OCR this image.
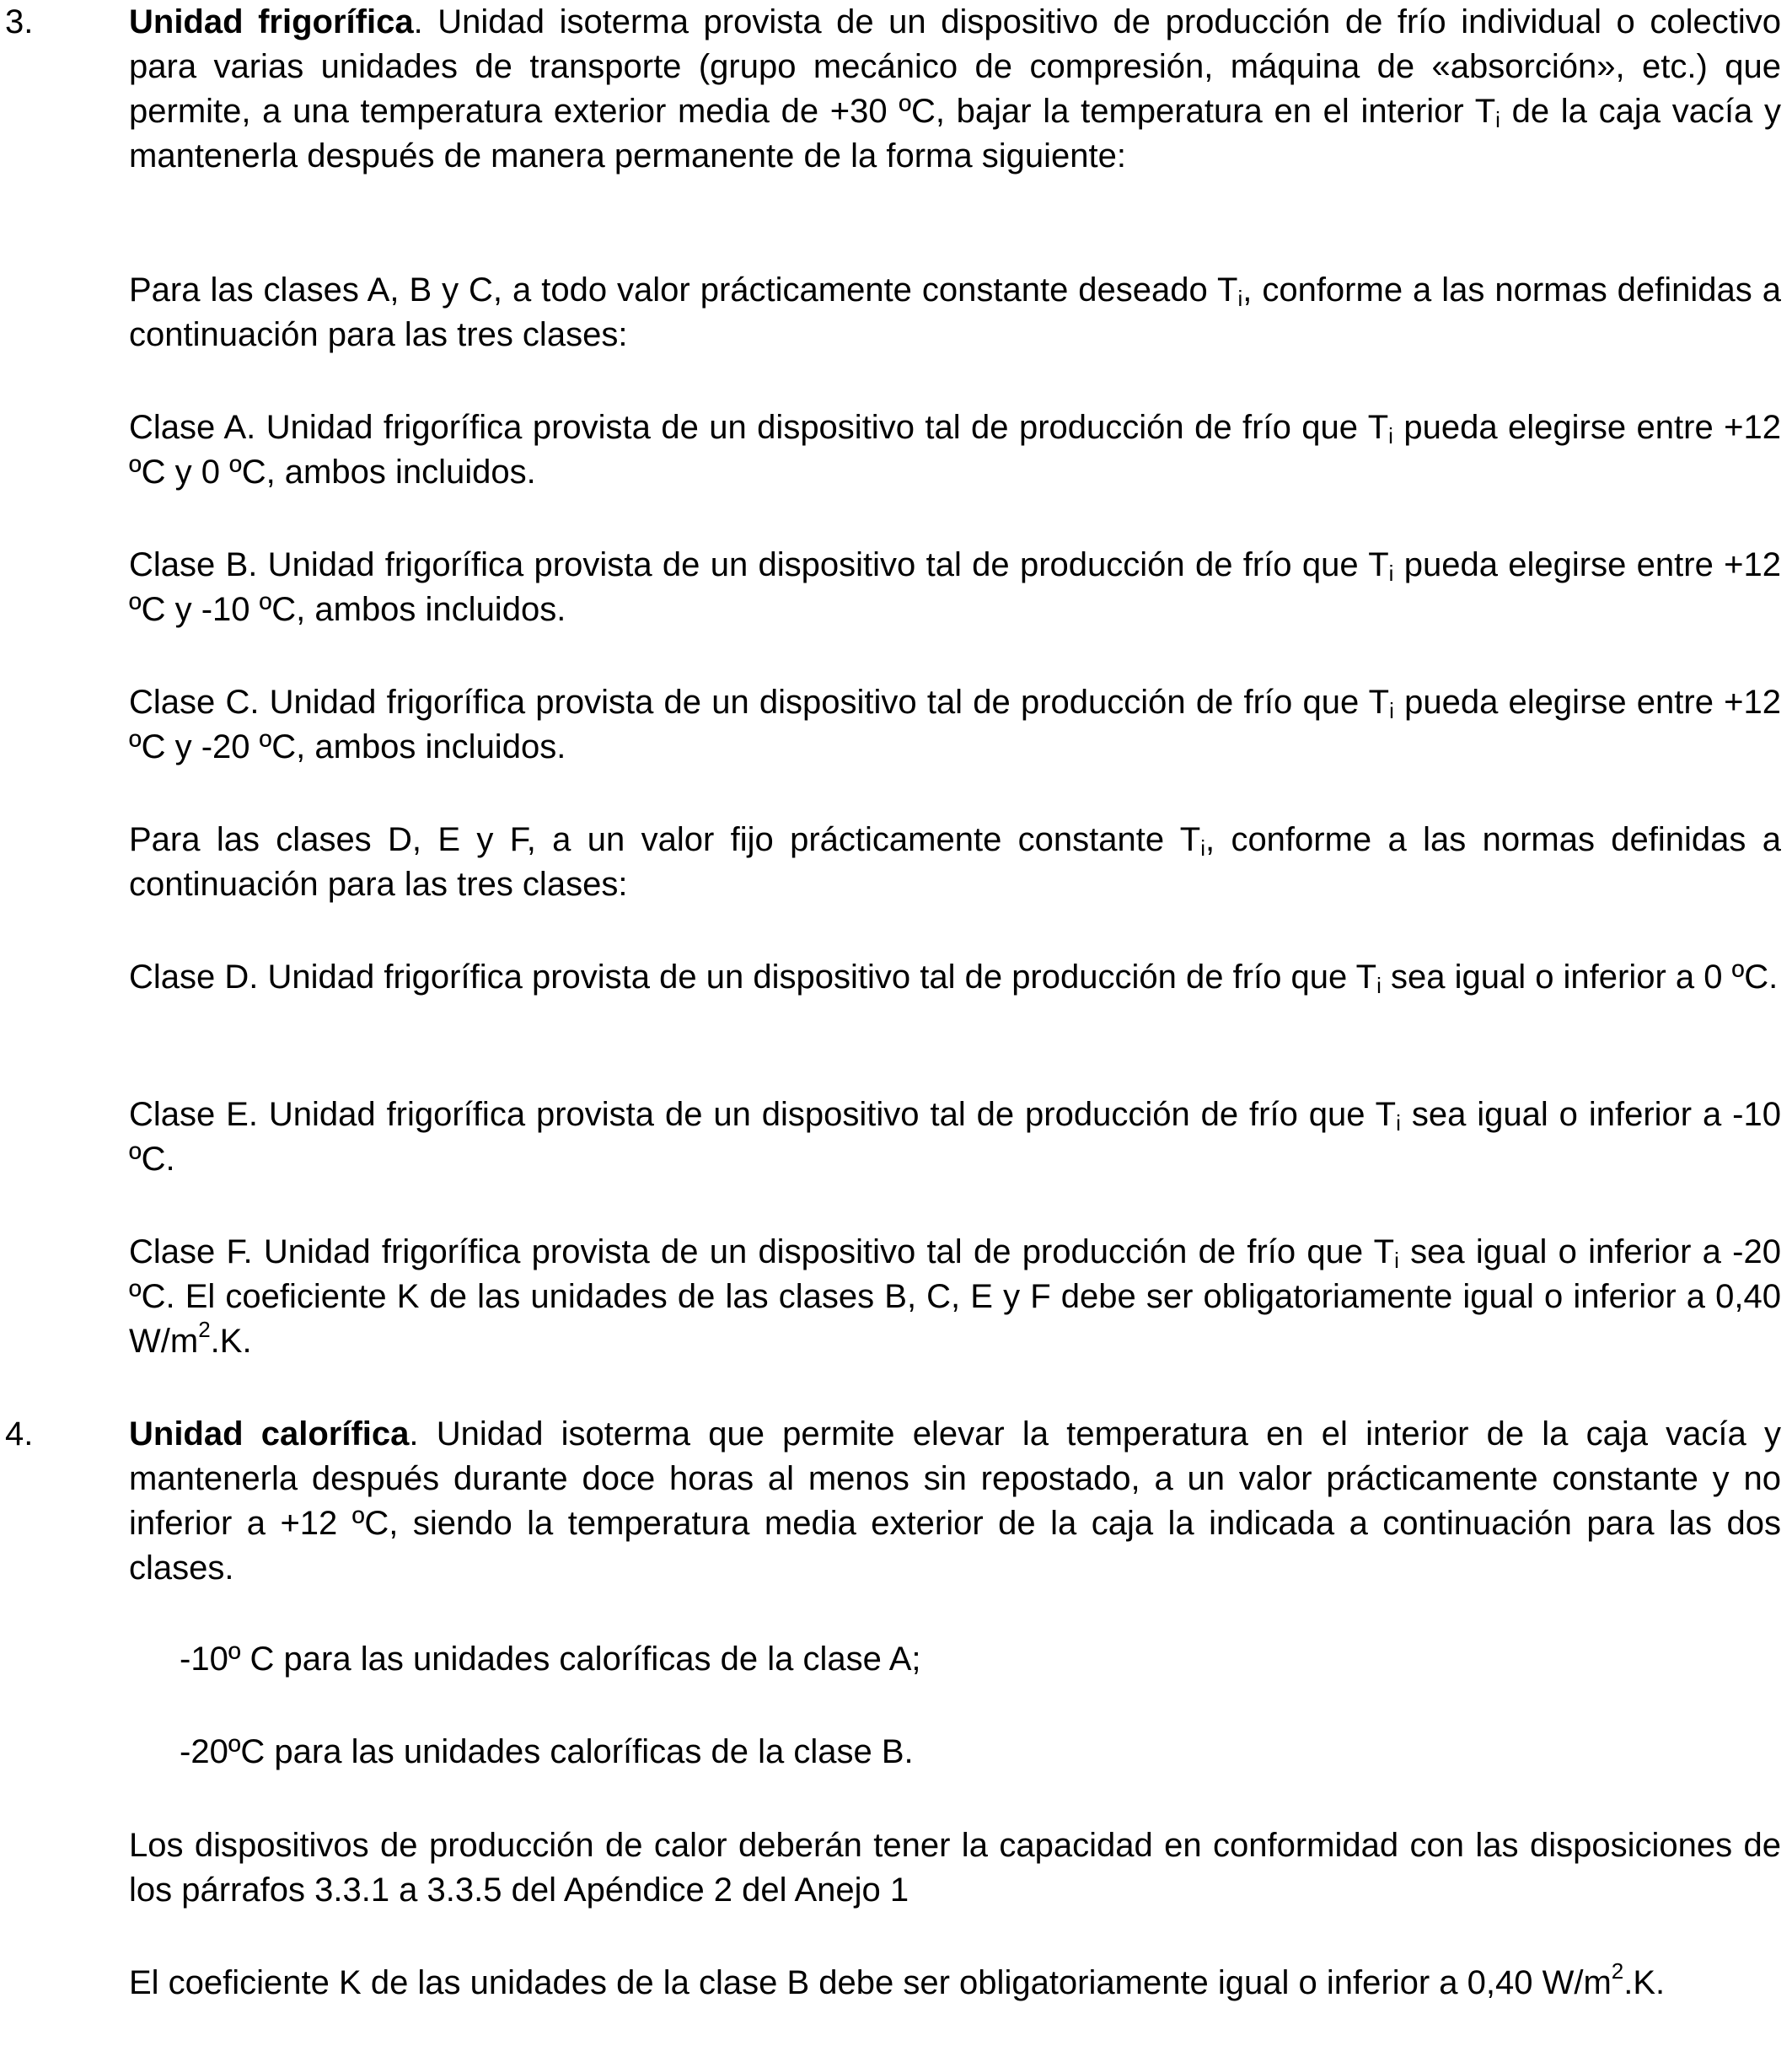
3.	Unidad frigorífica. Unidad isoterma provista de un dispositivo de producción de frío individual o colectivo para varias unidades de transporte (grupo mecánico de compresión, máquina de «absorción», etc.) que permite, a una temperatura exterior media de +30 ºC, bajar la temperatura en el interior $T_i$ de la caja vacía y mantenerla después de manera permanente de la forma siguiente:

Para las clases A, B y C, a todo valor prácticamente constante deseado $T_i$, conforme a las normas definidas a continuación para las tres clases:

Clase A. Unidad frigorífica provista de un dispositivo tal de producción de frío que $T_i$ pueda elegirse entre +12 ºC y 0 ºC, ambos incluidos.

Clase B. Unidad frigorífica provista de un dispositivo tal de producción de frío que $T_i$ pueda elegirse entre +12 ºC y -10 ºC, ambos incluidos.

Clase C. Unidad frigorífica provista de un dispositivo tal de producción de frío que $T_i$ pueda elegirse entre +12 ºC y -20 ºC, ambos incluidos.

Para las clases D, E y F, a un valor fijo prácticamente constante $T_i$, conforme a las normas definidas a continuación para las tres clases:

Clase D. Unidad frigorífica provista de un dispositivo tal de producción de frío que $T_i$ sea igual o inferior a 0 ºC.

Clase E. Unidad frigorífica provista de un dispositivo tal de producción de frío que $T_i$ sea igual o inferior a -10 ºC.

Clase F. Unidad frigorífica provista de un dispositivo tal de producción de frío que $T_i$ sea igual o inferior a -20 ºC. El coeficiente K de las unidades de las clases B, C, E y F debe ser obligatoriamente igual o inferior a 0,40 $W/m^2.K$.

4.	Unidad calorífica. Unidad isoterma que permite elevar la temperatura en el interior de la caja vacía y mantenerla después durante doce horas al menos sin repostado, a un valor prácticamente constante y no inferior a +12 ºC, siendo la temperatura media exterior de la caja la indicada a continuación para las dos clases.

-10º C para las unidades caloríficas de la clase A;

-20ºC para las unidades caloríficas de la clase B.

Los dispositivos de producción de calor deberán tener la capacidad en conformidad con las disposiciones de los párrafos 3.3.1 a 3.3.5 del Apéndice 2 del Anejo 1

El coeficiente K de las unidades de la clase B debe ser obligatoriamente igual o inferior a 0,40 $W/m^2.K$.
